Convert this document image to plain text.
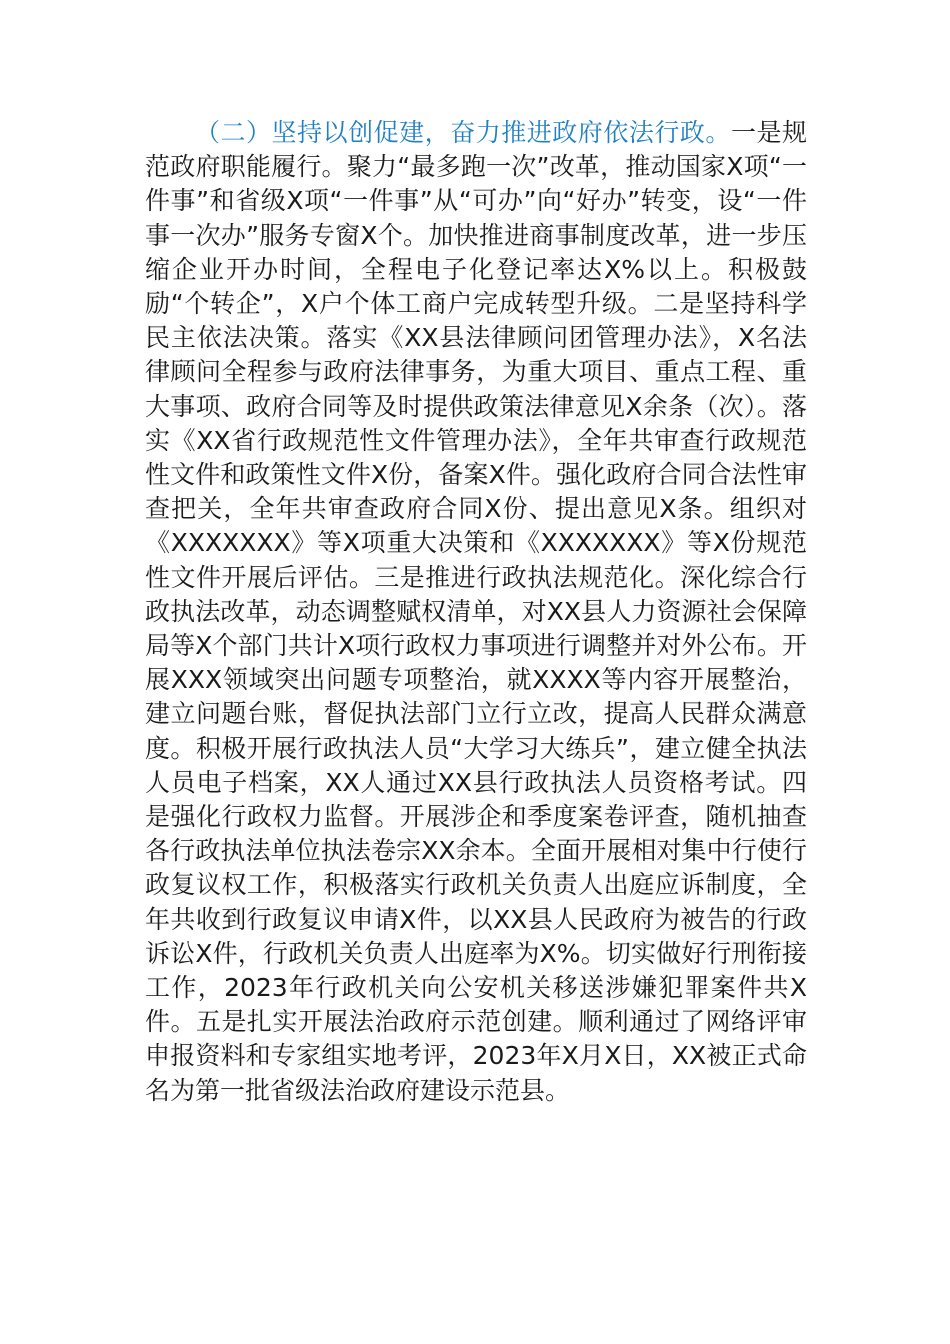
（二）坚持以创促建，奋力推进政府依法行政。一是规范政府职能履行。聚力“最多跑一次”改革，推动国家X项“一件事”和省级X项“一件事”从“可办”向“好办”转变，设“一件事一次办”服务专窗X个。加快推进商事制度改革，进一步压缩企业开办时间，全程电子化登记率达X%以上。积极鼓励“个转企”，X户个体工商户完成转型升级。二是坚持科学民主依法决策。落实《XX县法律顾问团管理办法》，X名法律顾问全程参与政府法律事务，为重大项目、重点工程、重大事项、政府合同等及时提供政策法律意见X余条（次）。落实《XX省行政规范性文件管理办法》，全年共审查行政规范性文件和政策性文件X份，备案X件。强化政府合同合法性审查把关，全年共审查政府合同X份、提出意见X条。组织对《XXXXXXX》等X项重大决策和《XXXXXXX》等X份规范性文件开展后评估。三是推进行政执法规范化。深化综合行政执法改革，动态调整赋权清单，对XX县人力资源社会保障局等X个部门共计X项行政权力事项进行调整并对外公布。开展XXX领域突出问题专项整治，就XXXX等内容开展整治，建立问题台账，督促执法部门立行立改，提高人民群众满意度。积极开展行政执法人员“大学习大练兵”，建立健全执法人员电子档案，XX人通过XX县行政执法人员资格考试。四是强化行政权力监督。开展涉企和季度案卷评查，随机抽查各行政执法单位执法卷宗XX余本。全面开展相对集中行使行政复议权工作，积极落实行政机关负责人出庭应诉制度，全年共收到行政复议申请X件，以XX县人民政府为被告的行政诉讼X件，行政机关负责人出庭率为X%。切实做好行刑衔接工作，2023年行政机关向公安机关移送涉嫌犯罪案件共X件。五是扎实开展法治政府示范创建。顺利通过了网络评审申报资料和专家组实地考评，2023年X月X日，XX被正式命名为第一批省级法治政府建设示范县。
